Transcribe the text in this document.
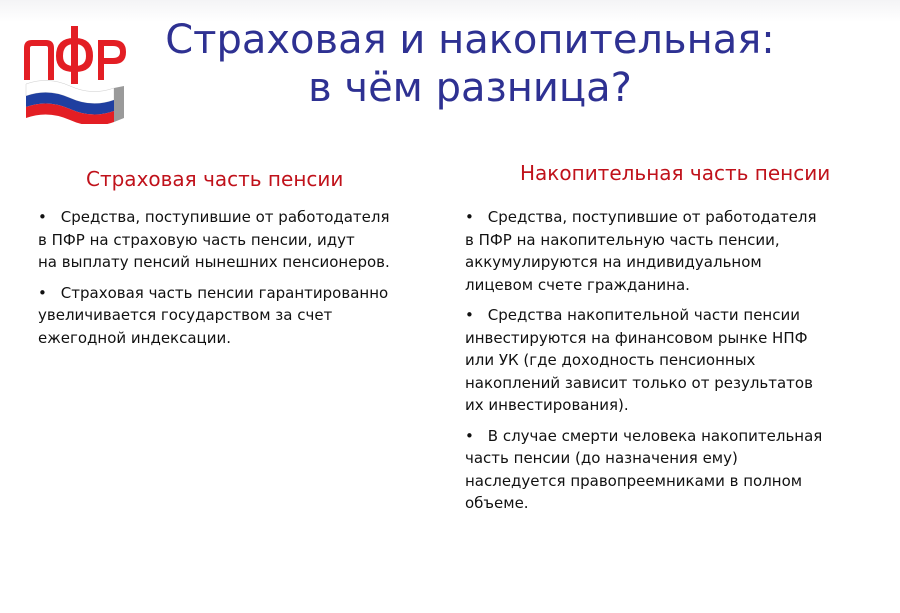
Страховая и накопительная:
в чём разница?
Страховая часть пенсии	Накопительная часть пенсии
• Средства, поступившие от работодателя
в ПФР на страховую часть пенсии, идут
на выплату пенсий нынешних пенсионеров.
• Страховая часть пенсии гарантированно
увеличивается государством за счет
ежегодной индексации.
• Средства, поступившие от работодателя
в ПФР на накопительную часть пенсии,
аккумулируются на индивидуальном
лицевом счете гражданина.
• Средства накопительной части пенсии
инвестируются на финансовом рынке НПФ
или УК (где доходность пенсионных
накоплений зависит только от результатов
их инвестирования).
• В случае смерти человека накопительная
часть пенсии (до назначения ему)
наследуется правопреемниками в полном
объеме.
